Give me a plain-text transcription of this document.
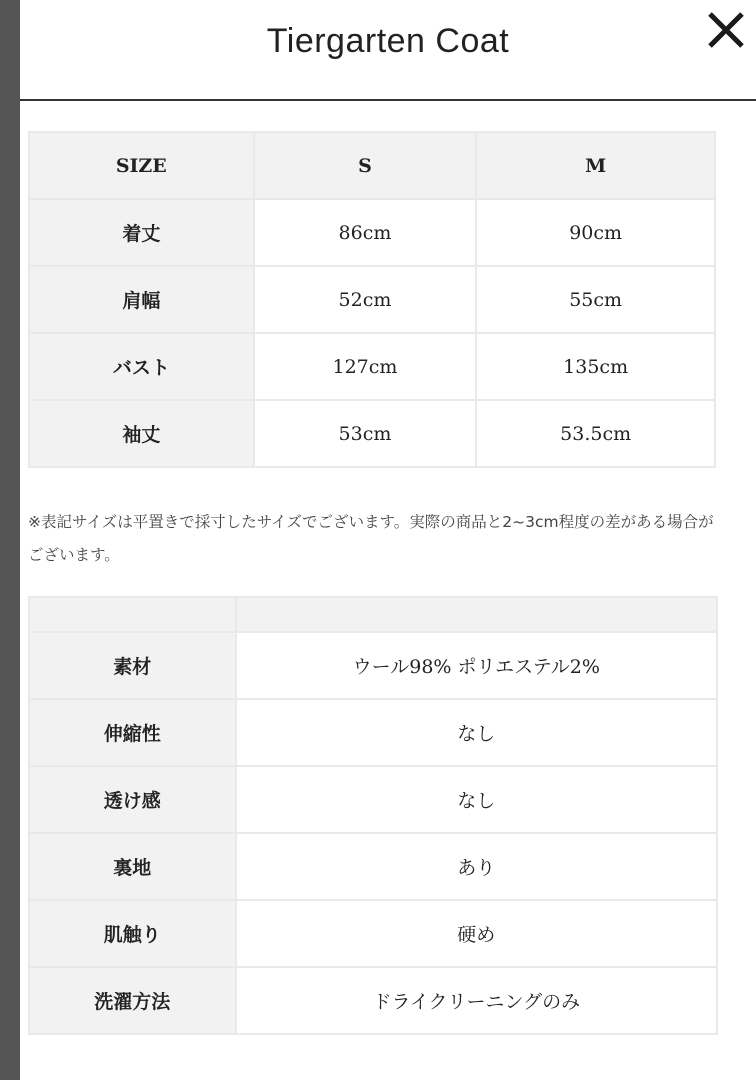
Tiergarten Coat
SIZE	S	M
着丈	86cm	90cm
肩幅	52cm	55cm
バスト	127cm	135cm
袖丈	53cm	53.5cm
※表記サイズは平置きで採寸したサイズでございます。実際の商品と2~3cm程度の差がある場合がございます。

素材	ウール98% ポリエステル2%
伸縮性	なし
透け感	なし
裏地	あり
肌触り	硬め
洗濯方法	ドライクリーニングのみ
